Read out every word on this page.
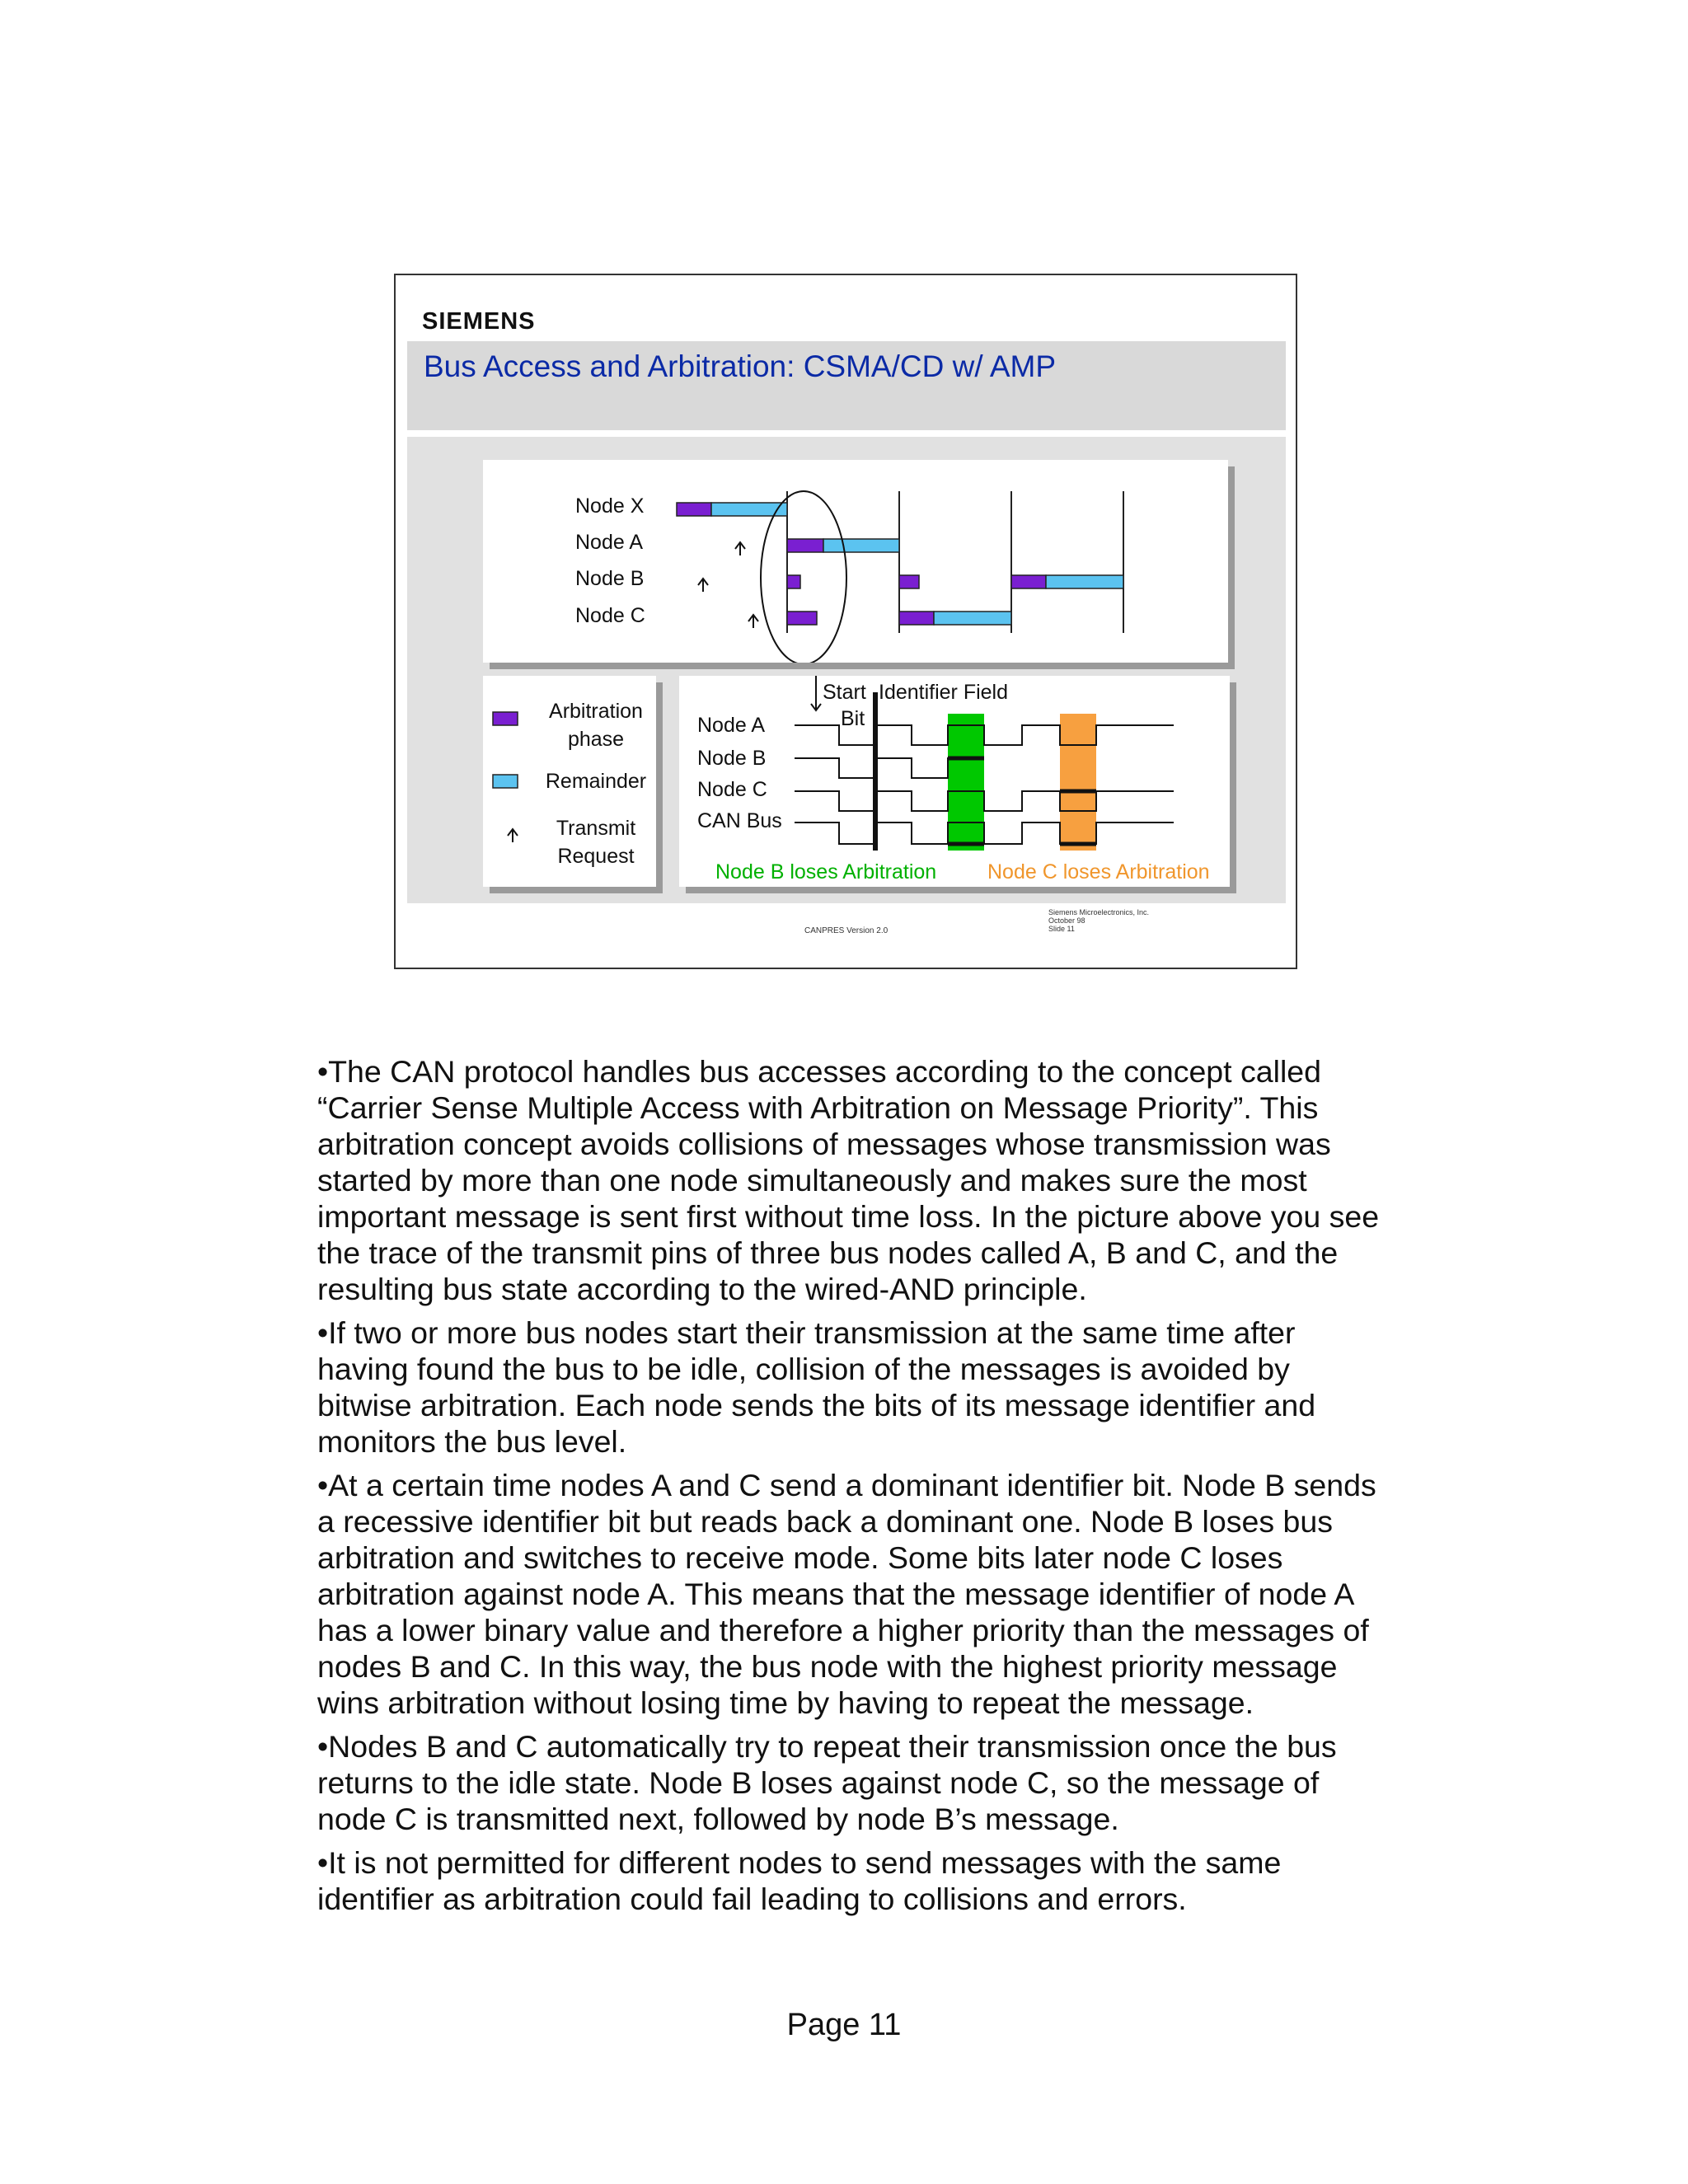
SIEMENS
Bus Access and Arbitration: CSMA/CD w/ AMP
Node X
Node A
Node B
Node C
Arbitration phase
Remainder
Transmit Request
Node A
Node B
Node C
CAN Bus
Start
Bit
Identifier Field
Node B loses Arbitration Node C loses Arbitration
CANPRES Version 2.0
Siemens Microelectronics, Inc.
October 98
Slide 11

•The CAN protocol handles bus accesses according to the concept called “Carrier Sense Multiple Access with Arbitration on Message Priority”. This arbitration concept avoids collisions of messages whose transmission was started by more than one node simultaneously and makes sure the most important message is sent first without time loss. In the picture above you see the trace of the transmit pins of three bus nodes called A, B and C, and the resulting bus state according to the wired-AND principle.

•If two or more bus nodes start their transmission at the same time after having found the bus to be idle, collision of the messages is avoided by bitwise arbitration. Each node sends the bits of its message identifier and monitors the bus level.

•At a certain time nodes A and C send a dominant identifier bit. Node B sends a recessive identifier bit but reads back a dominant one. Node B loses bus arbitration and switches to receive mode. Some bits later node C loses arbitration against node A. This means that the message identifier of node A has a lower binary value and therefore a higher priority than the messages of nodes B and C. In this way, the bus node with the highest priority message wins arbitration without losing time by having to repeat the message.

•Nodes B and C automatically try to repeat their transmission once the bus returns to the idle state. Node B loses against node C, so the message of node C is transmitted next, followed by node B’s message.

•It is not permitted for different nodes to send messages with the same identifier as arbitration could fail leading to collisions and errors.

Page 11
